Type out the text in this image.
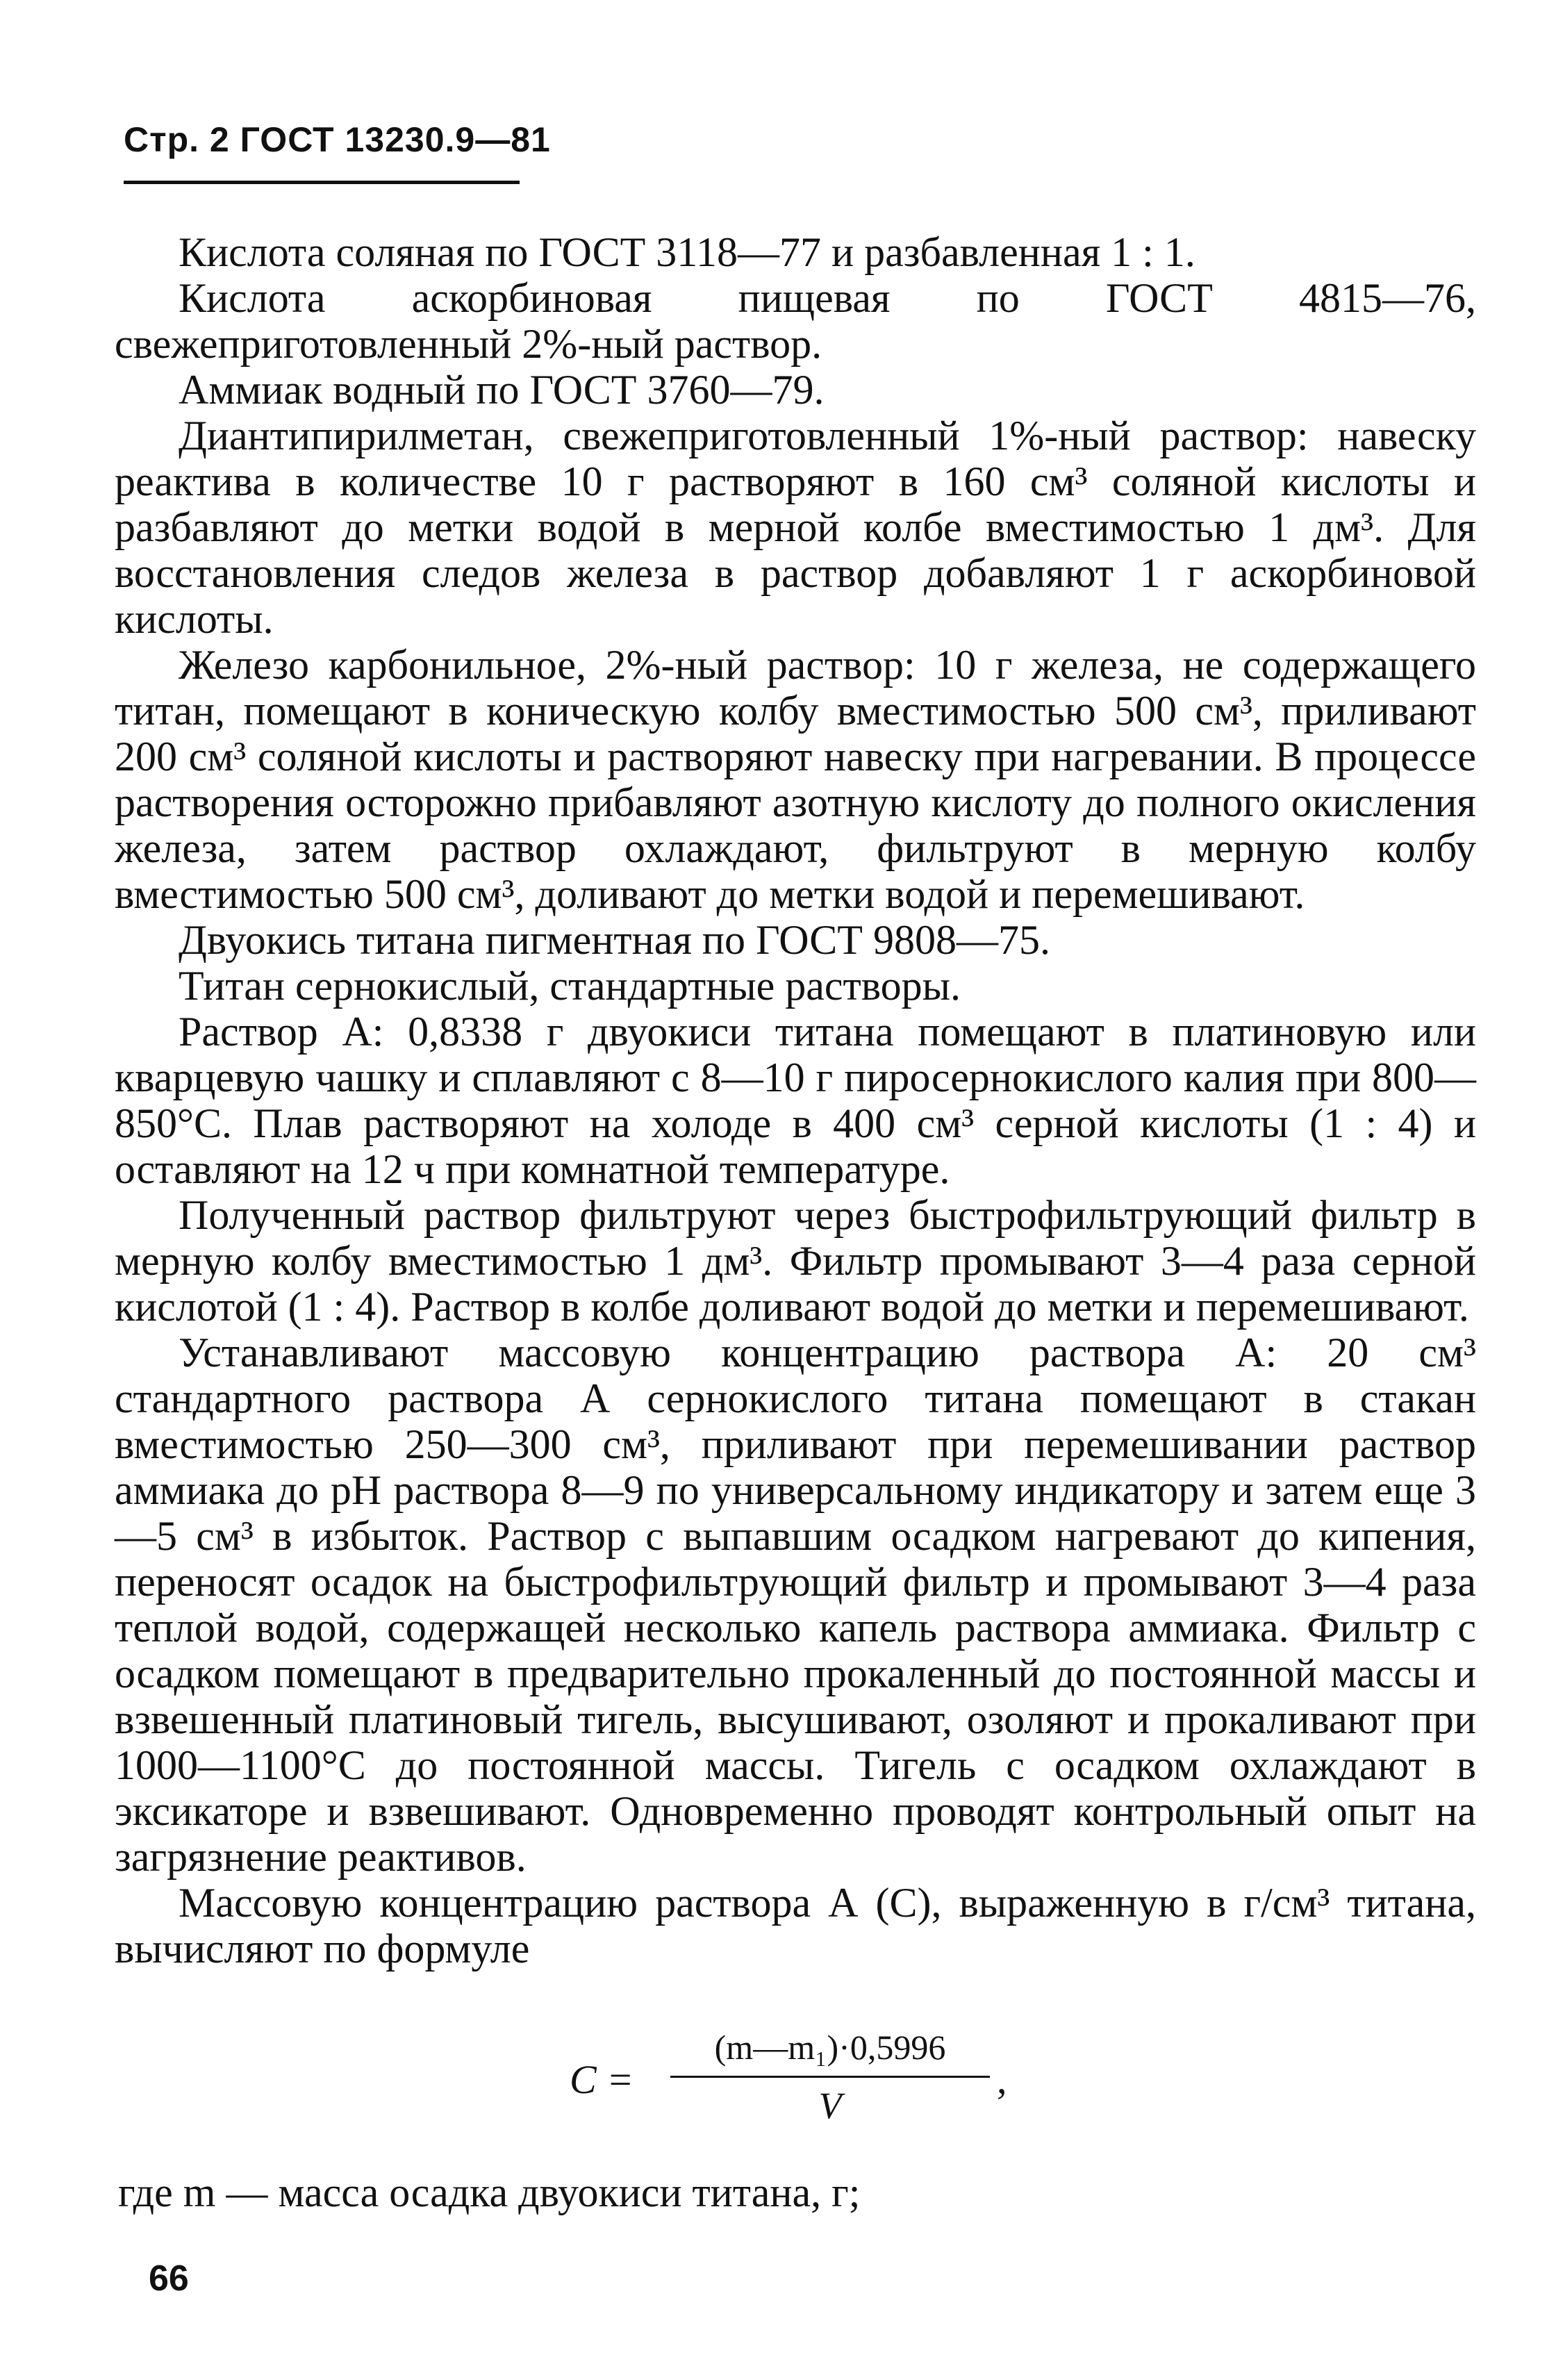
Стр. 2 ГОСТ 13230.9—81

Кислота соляная по ГОСТ 3118—77 и разбавленная 1 : 1.

Кислота аскорбиновая пищевая по ГОСТ 4815—76, свежеприготовленный 2%-ный раствор.

Аммиак водный по ГОСТ 3760—79.

Диантипирилметан, свежеприготовленный 1%-ный раствор: навеску реактива в количестве 10 г растворяют в 160 см³ соляной кислоты и разбавляют до метки водой в мерной колбе вместимостью 1 дм³. Для восстановления следов железа в раствор добавляют 1 г аскорбиновой кислоты.

Железо карбонильное, 2%-ный раствор: 10 г железа, не содержащего титан, помещают в коническую колбу вместимостью 500 см³, приливают 200 см³ соляной кислоты и растворяют навеску при нагревании. В процессе растворения осторожно прибавляют азотную кислоту до полного окисления железа, затем раствор охлаждают, фильтруют в мерную колбу вместимостью 500 см³, доливают до метки водой и перемешивают.

Двуокись титана пигментная по ГОСТ 9808—75.

Титан сернокислый, стандартные растворы.

Раствор А: 0,8338 г двуокиси титана помещают в платиновую или кварцевую чашку и сплавляют с 8—10 г пиросернокислого калия при 800—850°С. Плав растворяют на холоде в 400 см³ серной кислоты (1 : 4) и оставляют на 12 ч при комнатной температуре.

Полученный раствор фильтруют через быстрофильтрующий фильтр в мерную колбу вместимостью 1 дм³. Фильтр промывают 3—4 раза серной кислотой (1 : 4). Раствор в колбе доливают водой до метки и перемешивают.

Устанавливают массовую концентрацию раствора А: 20 см³ стандартного раствора А сернокислого титана помещают в стакан вместимостью 250—300 см³, приливают при перемешивании раствор аммиака до pH раствора 8—9 по универсальному индикатору и затем еще 3—5 см³ в избыток. Раствор с выпавшим осадком нагревают до кипения, переносят осадок на быстрофильтрующий фильтр и промывают 3—4 раза теплой водой, содержащей несколько капель раствора аммиака. Фильтр с осадком помещают в предварительно прокаленный до постоянной массы и взвешенный платиновый тигель, высушивают, озоляют и прокаливают при 1000—1100°С до постоянной массы. Тигель с осадком охлаждают в эксикаторе и взвешивают. Одновременно проводят контрольный опыт на загрязнение реактивов.

Массовую концентрацию раствора А (С), выраженную в г/см³ титана, вычисляют по формуле

C =
(m—m₁)·0,5996
V
,
где m — масса осадка двуокиси титана, г;
66
